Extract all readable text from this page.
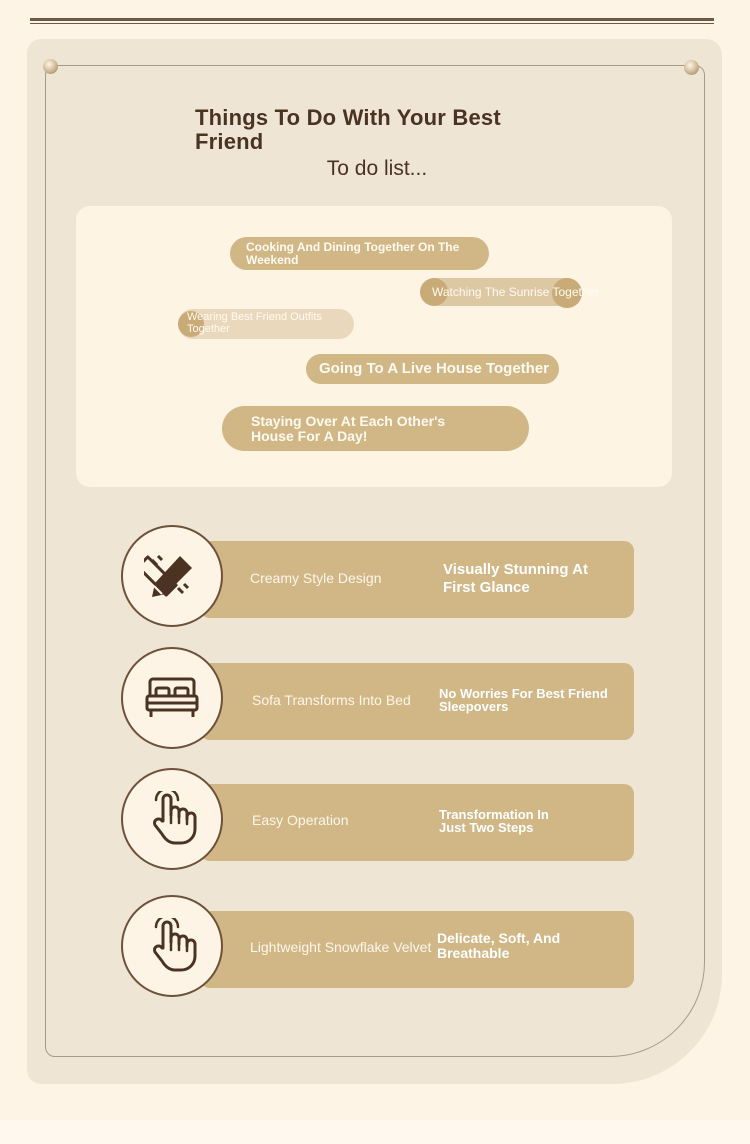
Things To Do With Your Best Friend
To do list...
Cooking And Dining Together On The Weekend
Watching The Sunrise Together
Wearing Best Friend Outfits Together
Going To A Live House Together
Staying Over At Each Other's House For A Day!
Creamy Style Design	Visually Stunning At First Glance
Sofa Transforms Into Bed No Worries For Best Friend Sleepovers
Easy Operation	Transformation In Just Two Steps
Lightweight Snowflake Velvet
Delicate, Soft, And Breathable
